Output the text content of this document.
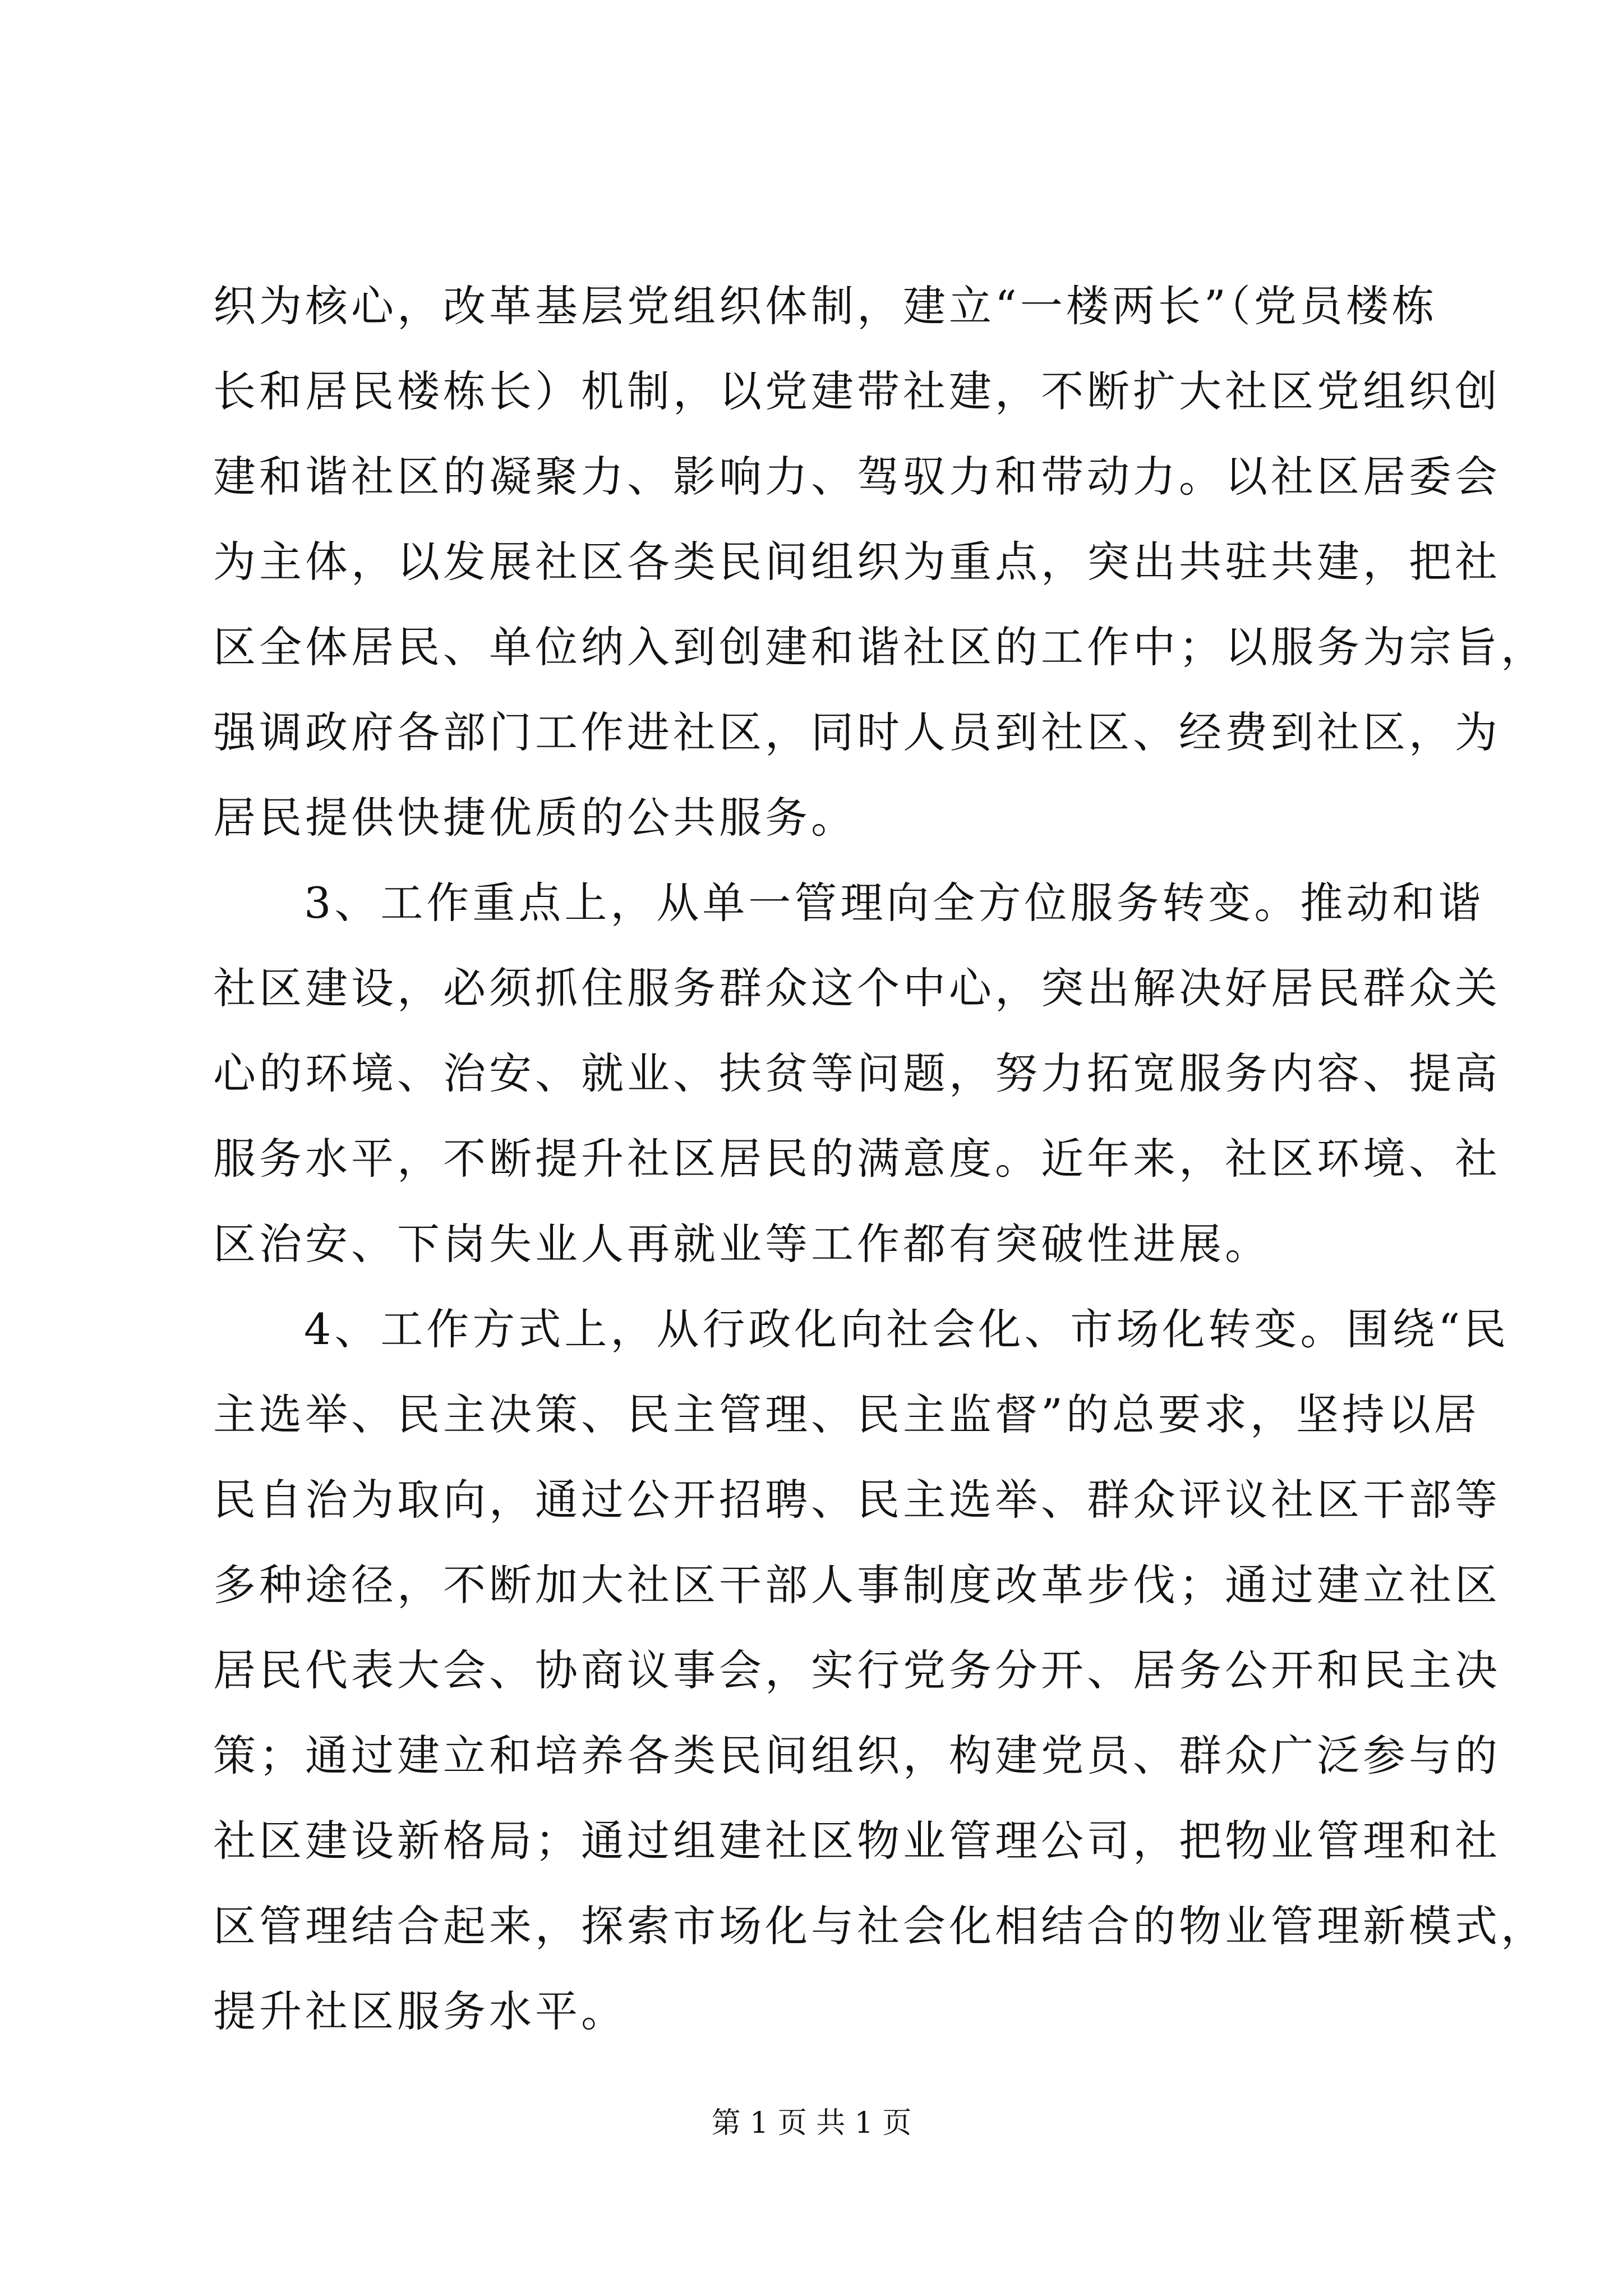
织为核心，改革基层党组织体制，建立“一楼两长”（党员楼栋
长和居民楼栋长）机制，以党建带社建，不断扩大社区党组织创
建和谐社区的凝聚力、影响力、驾驭力和带动力。以社区居委会
为主体，以发展社区各类民间组织为重点，突出共驻共建，把社
区全体居民、单位纳入到创建和谐社区的工作中；以服务为宗旨，
强调政府各部门工作进社区，同时人员到社区、经费到社区，为
居民提供快捷优质的公共服务。
3、工作重点上，从单一管理向全方位服务转变。推动和谐
社区建设，必须抓住服务群众这个中心，突出解决好居民群众关
心的环境、治安、就业、扶贫等问题，努力拓宽服务内容、提高
服务水平，不断提升社区居民的满意度。近年来，社区环境、社
区治安、下岗失业人再就业等工作都有突破性进展。
4、工作方式上，从行政化向社会化、市场化转变。围绕“民
主选举、民主决策、民主管理、民主监督”的总要求，坚持以居
民自治为取向，通过公开招聘、民主选举、群众评议社区干部等
多种途径，不断加大社区干部人事制度改革步伐；通过建立社区
居民代表大会、协商议事会，实行党务分开、居务公开和民主决
策；通过建立和培养各类民间组织，构建党员、群众广泛参与的
社区建设新格局；通过组建社区物业管理公司，把物业管理和社
区管理结合起来，探索市场化与社会化相结合的物业管理新模式，
提升社区服务水平。
第 1 页 共 1 页
